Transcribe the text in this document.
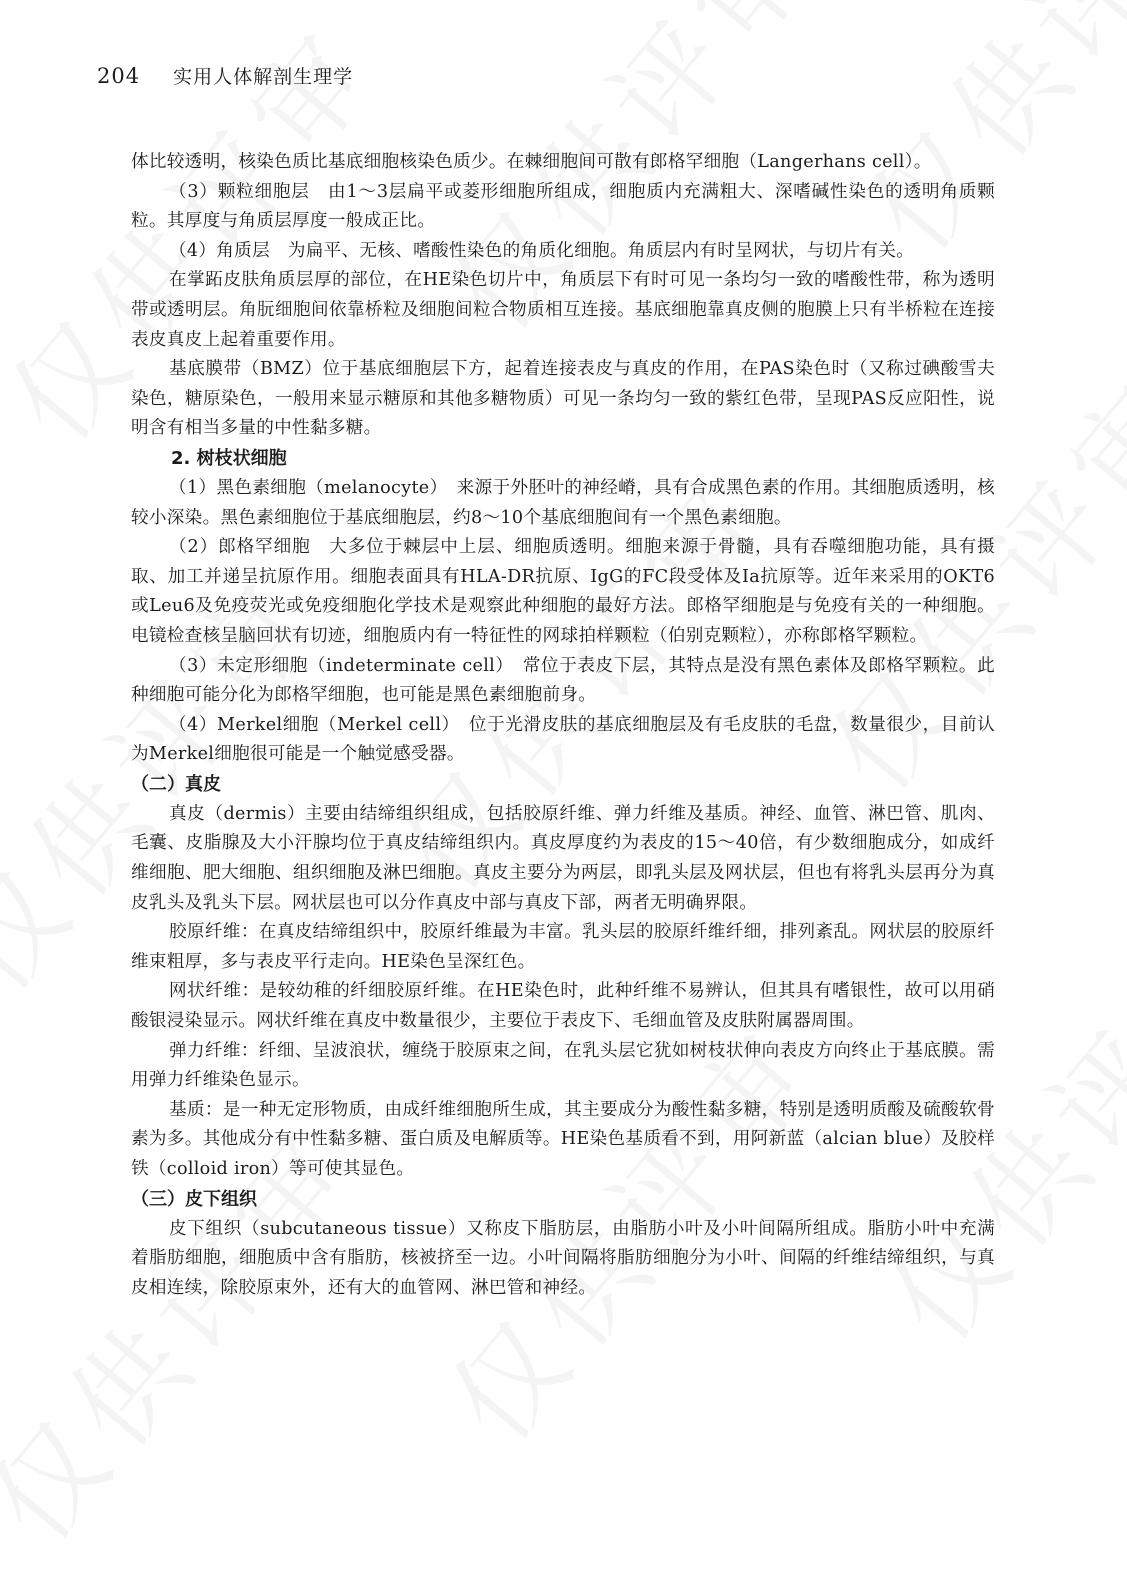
204 实用人体解剖生理学

体比较透明，核染色质比基底细胞核染色质少。在棘细胞间可散有郎格罕细胞（Langerhans cell）。

（3）颗粒细胞层　由1～3层扁平或菱形细胞所组成，细胞质内充满粗大、深嗜碱性染色的透明角质颗粒。其厚度与角质层厚度一般成正比。

（4）角质层　为扁平、无核、嗜酸性染色的角质化细胞。角质层内有时呈网状，与切片有关。

在掌跖皮肤角质层厚的部位，在HE染色切片中，角质层下有时可见一条均匀一致的嗜酸性带，称为透明带或透明层。角朊细胞间依靠桥粒及细胞间粒合物质相互连接。基底细胞靠真皮侧的胞膜上只有半桥粒在连接表皮真皮上起着重要作用。

基底膜带（BMZ）位于基底细胞层下方，起着连接表皮与真皮的作用，在PAS染色时（又称过碘酸雪夫染色，糖原染色，一般用来显示糖原和其他多糖物质）可见一条均匀一致的紫红色带，呈现PAS反应阳性，说明含有相当多量的中性黏多糖。

2. 树枝状细胞

（1）黑色素细胞（melanocyte）　来源于外胚叶的神经嵴，具有合成黑色素的作用。其细胞质透明，核较小深染。黑色素细胞位于基底细胞层，约8～10个基底细胞间有一个黑色素细胞。

（2）郎格罕细胞　大多位于棘层中上层、细胞质透明。细胞来源于骨髓，具有吞噬细胞功能，具有摄取、加工并递呈抗原作用。细胞表面具有HLA-DR抗原、IgG的FC段受体及Ia抗原等。近年来采用的OKT6或Leu6及免疫荧光或免疫细胞化学技术是观察此种细胞的最好方法。郎格罕细胞是与免疫有关的一种细胞。电镜检查核呈脑回状有切迹，细胞质内有一特征性的网球拍样颗粒（伯别克颗粒），亦称郎格罕颗粒。

（3）未定形细胞（indeterminate cell）　常位于表皮下层，其特点是没有黑色素体及郎格罕颗粒。此种细胞可能分化为郎格罕细胞，也可能是黑色素细胞前身。

（4）Merkel细胞（Merkel cell）　位于光滑皮肤的基底细胞层及有毛皮肤的毛盘，数量很少，目前认为Merkel细胞很可能是一个触觉感受器。

（二）真皮

真皮（dermis）主要由结缔组织组成，包括胶原纤维、弹力纤维及基质。神经、血管、淋巴管、肌肉、毛囊、皮脂腺及大小汗腺均位于真皮结缔组织内。真皮厚度约为表皮的15～40倍，有少数细胞成分，如成纤维细胞、肥大细胞、组织细胞及淋巴细胞。真皮主要分为两层，即乳头层及网状层，但也有将乳头层再分为真皮乳头及乳头下层。网状层也可以分作真皮中部与真皮下部，两者无明确界限。

胶原纤维：在真皮结缔组织中，胶原纤维最为丰富。乳头层的胶原纤维纤细，排列紊乱。网状层的胶原纤维束粗厚，多与表皮平行走向。HE染色呈深红色。

网状纤维：是较幼稚的纤细胶原纤维。在HE染色时，此种纤维不易辨认，但其具有嗜银性，故可以用硝酸银浸染显示。网状纤维在真皮中数量很少，主要位于表皮下、毛细血管及皮肤附属器周围。

弹力纤维：纤细、呈波浪状，缠绕于胶原束之间，在乳头层它犹如树枝状伸向表皮方向终止于基底膜。需用弹力纤维染色显示。

基质：是一种无定形物质，由成纤维细胞所生成，其主要成分为酸性黏多糖，特别是透明质酸及硫酸软骨素为多。其他成分有中性黏多糖、蛋白质及电解质等。HE染色基质看不到，用阿新蓝（alcian blue）及胶样铁（colloid iron）等可使其显色。

（三）皮下组织

皮下组织（subcutaneous tissue）又称皮下脂肪层，由脂肪小叶及小叶间隔所组成。脂肪小叶中充满着脂肪细胞，细胞质中含有脂肪，核被挤至一边。小叶间隔将脂肪细胞分为小叶、间隔的纤维结缔组织，与真皮相连续，除胶原束外，还有大的血管网、淋巴管和神经。
